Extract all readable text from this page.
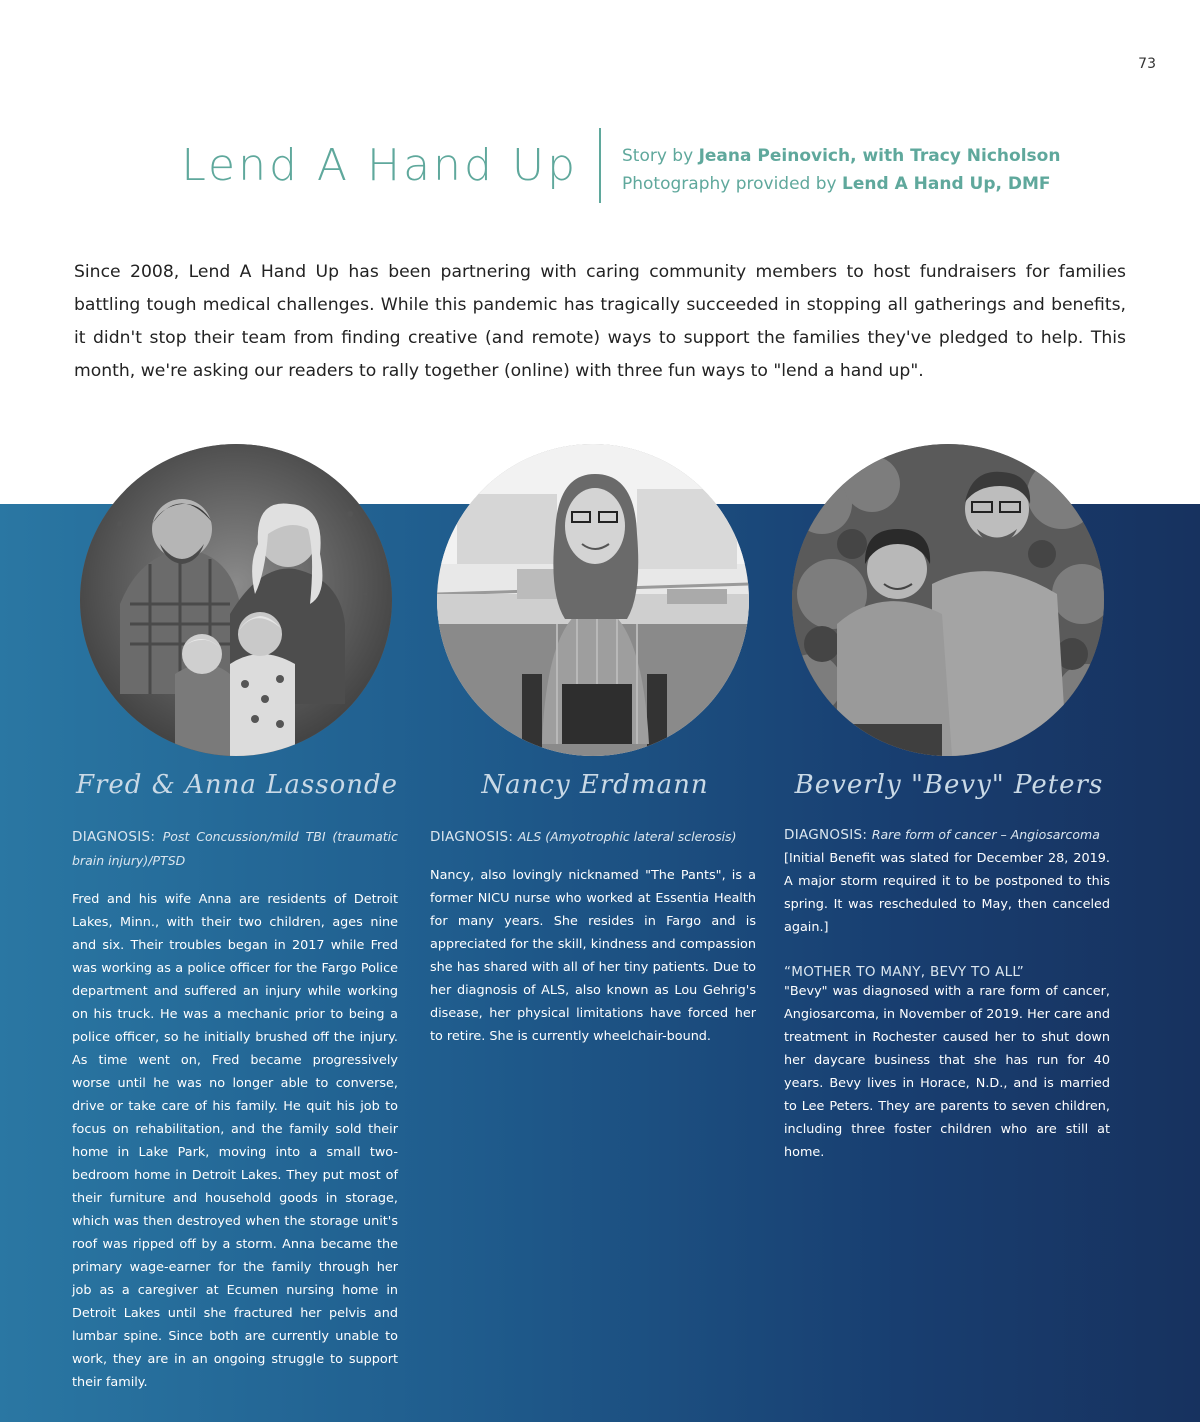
73
Lend A Hand Up	Story by Jeana Peinovich, with Tracy Nicholson
Photography provided by Lend A Hand Up, DMF
Since 2008, Lend A Hand Up has been partnering with caring community members to host fundraisers for families battling tough medical challenges. While this pandemic has tragically succeeded in stopping all gatherings and benefits, it didn't stop their team from finding creative (and remote) ways to support the families they've pledged to help. This month, we're asking our readers to rally together (online) with three fun ways to "lend a hand up".
Fred & Anna Lassonde	Nancy Erdmann	Beverly "Bevy" Peters
DIAGNOSIS: Post Concussion/mild TBI (traumatic brain injury)/PTSD
Fred and his wife Anna are residents of Detroit Lakes, Minn., with their two children, ages nine and six. Their troubles began in 2017 while Fred was working as a police officer for the Fargo Police department and suffered an injury while working on his truck. He was a mechanic prior to being a police officer, so he initially brushed off the injury. As time went on, Fred became progressively worse until he was no longer able to converse, drive or take care of his family. He quit his job to focus on rehabilitation, and the family sold their home in Lake Park, moving into a small two-bedroom home in Detroit Lakes. They put most of their furniture and household goods in storage, which was then destroyed when the storage unit's roof was ripped off by a storm. Anna became the primary wage-earner for the family through her job as a caregiver at Ecumen nursing home in Detroit Lakes until she fractured her pelvis and lumbar spine. Since both are currently unable to work, they are in an ongoing struggle to support their family.
DIAGNOSIS: ALS (Amyotrophic lateral sclerosis)
Nancy, also lovingly nicknamed "The Pants", is a former NICU nurse who worked at Essentia Health for many years. She resides in Fargo and is appreciated for the skill, kindness and compassion she has shared with all of her tiny patients. Due to her diagnosis of ALS, also known as Lou Gehrig's disease, her physical limitations have forced her to retire. She is currently wheelchair-bound.
DIAGNOSIS: Rare form of cancer – Angiosarcoma
[Initial Benefit was slated for December 28, 2019. A major storm required it to be postponed to this spring. It was rescheduled to May, then canceled again.]
“MOTHER TO MANY, BEVY TO ALL”
"Bevy" was diagnosed with a rare form of cancer, Angiosarcoma, in November of 2019. Her care and treatment in Rochester caused her to shut down her daycare business that she has run for 40 years. Bevy lives in Horace, N.D., and is married to Lee Peters. They are parents to seven children, including three foster children who are still at home.
